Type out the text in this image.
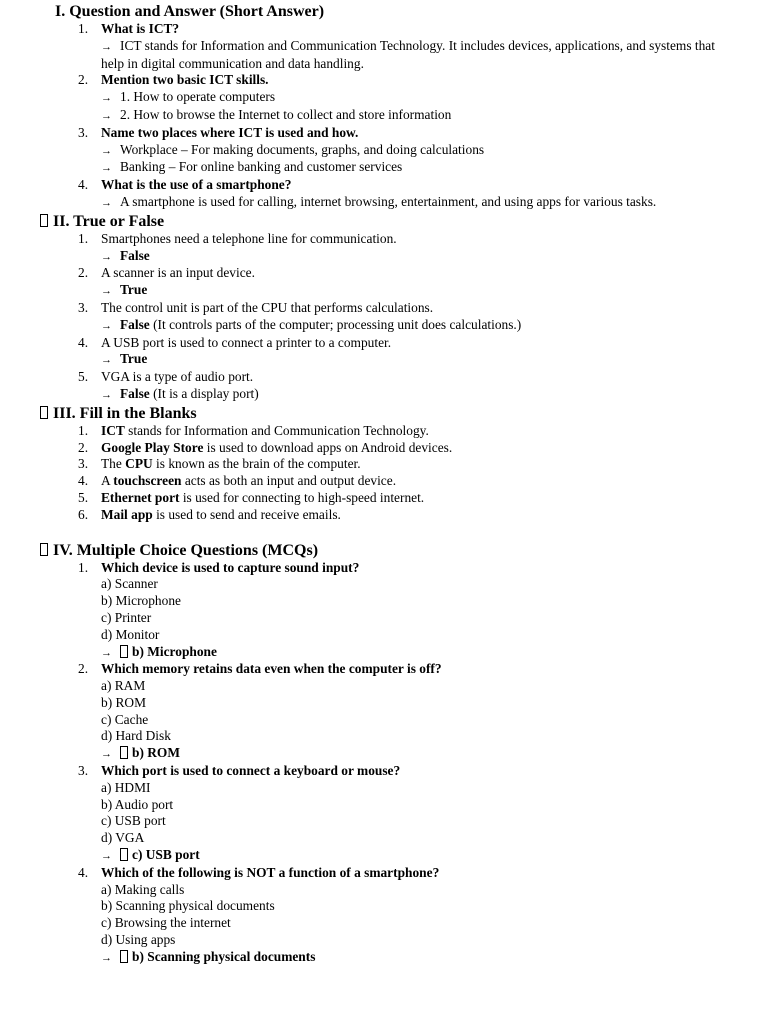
I. Question and Answer (Short Answer)
1. What is ICT?
→ ICT stands for Information and Communication Technology. It includes devices, applications, and systems that help in digital communication and data handling.
2. Mention two basic ICT skills.
→ 1. How to operate computers
→ 2. How to browse the Internet to collect and store information
3. Name two places where ICT is used and how.
→ Workplace – For making documents, graphs, and doing calculations
→ Banking – For online banking and customer services
4. What is the use of a smartphone?
→ A smartphone is used for calling, internet browsing, entertainment, and using apps for various tasks.
II. True or False
1. Smartphones need a telephone line for communication.
→ False
2. A scanner is an input device.
→ True
3. The control unit is part of the CPU that performs calculations.
→ False (It controls parts of the computer; processing unit does calculations.)
4. A USB port is used to connect a printer to a computer.
→ True
5. VGA is a type of audio port.
→ False (It is a display port)
III. Fill in the Blanks
1. ICT stands for Information and Communication Technology.
2. Google Play Store is used to download apps on Android devices.
3. The CPU is known as the brain of the computer.
4. A touchscreen acts as both an input and output device.
5. Ethernet port is used for connecting to high-speed internet.
6. Mail app is used to send and receive emails.
IV. Multiple Choice Questions (MCQs)
1. Which device is used to capture sound input?
a) Scanner
b) Microphone
c) Printer
d) Monitor
→ b) Microphone
2. Which memory retains data even when the computer is off?
a) RAM
b) ROM
c) Cache
d) Hard Disk
→ b) ROM
3. Which port is used to connect a keyboard or mouse?
a) HDMI
b) Audio port
c) USB port
d) VGA
→ c) USB port
4. Which of the following is NOT a function of a smartphone?
a) Making calls
b) Scanning physical documents
c) Browsing the internet
d) Using apps
→ b) Scanning physical documents
